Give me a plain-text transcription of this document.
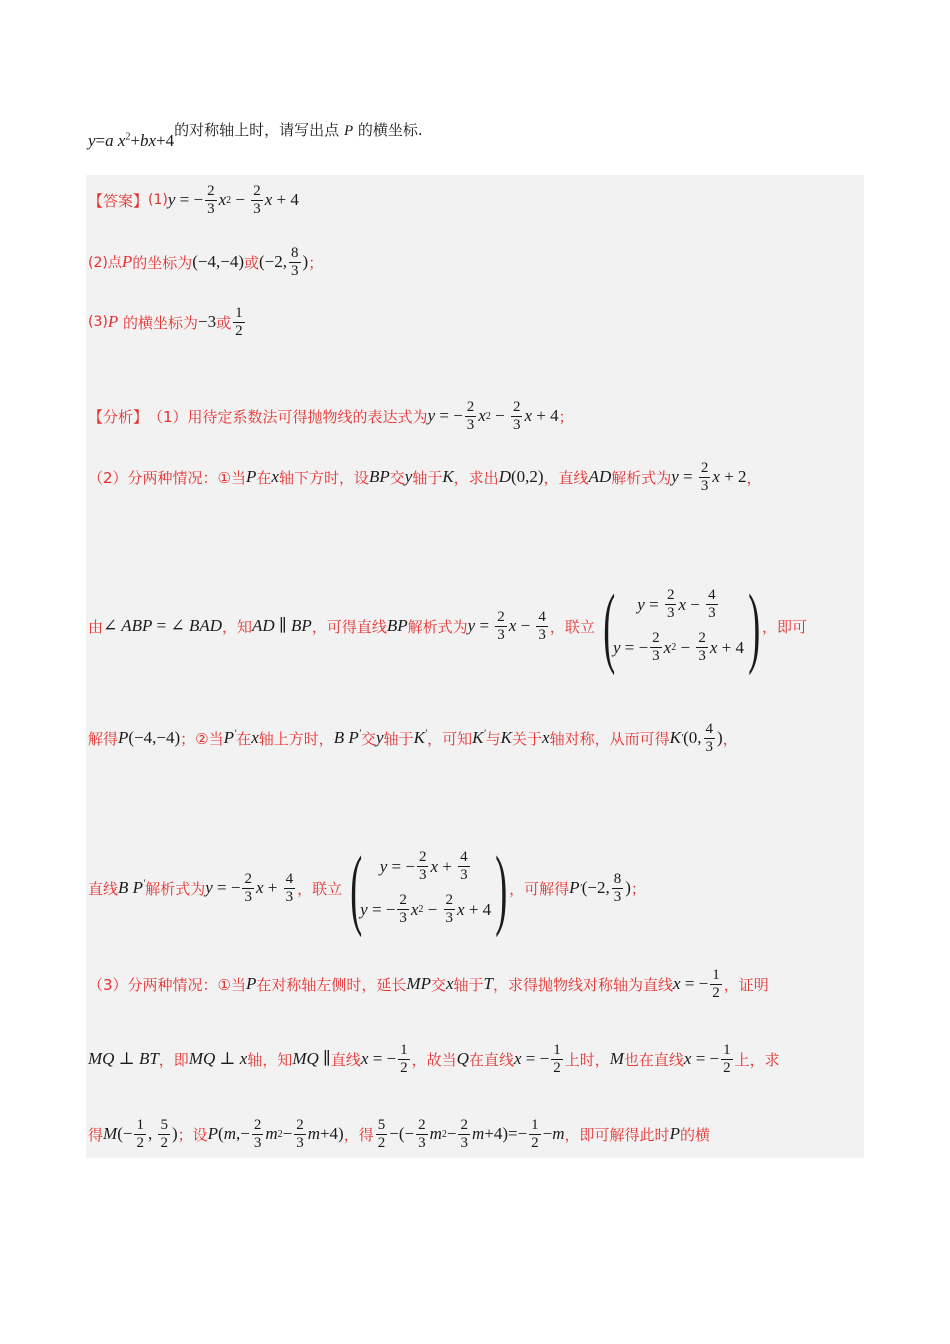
y=a $x^2+bx+4$
的对称轴上时，请写出点 P 的横坐标.
【答案】 (1) y = − $\frac{2}{3}$ x $2 - \frac{2}{3}$ x + 4
(2)点 P 的坐标为 (−4,−4) 或 (−2, $\frac{8}{3}$ ) ；
(3) P 的横坐标为 −3 或 $\frac{1}{2}$
【分析】 （1）用待定系数法可得抛物线的表达式为 y = − $\frac{2}{3}$ x $2 - \frac{2}{3}$ x + 4 ；
（2）分两种情况：①当 P 在 x 轴下方时，设 BP 交 y 轴于 K ，求出 D (0,2) ，直线 AD 解析式为 $y = \frac{2}{3}$ x + 2 ，
由 ∠ ABP = ∠ BAD ，知 AD ∥ BP ，可得直线 BP 解析式为 $y = \frac{2}{3}$ $x - \frac{4}{3}$ ，联立 (	$y = \frac{2}{3}$ $x - \frac{4}{3}$
y = − $\frac{2}{3}$ x $2 - \frac{2}{3}$ x + 4 ) ，即可
解得 P (−4,−4) ；②当 P′ 在 x 轴上方时， B P′ 交 y 轴于 K′ ，可知 K′ 与 K 关于 x 轴对称，从而可得 K ′ (0, $\frac{4}{3}$ ) ，
直线 B P′ 解析式为 y = − $\frac{2}{3}$ $x + \frac{4}{3}$ ，联立 (	y = − $\frac{2}{3}$ $x + \frac{4}{3}$
y = − $\frac{2}{3}$ x $2 - \frac{2}{3}$ x + 4 ) ，可解得 P ′ (−2, $\frac{8}{3}$ ) ；
（3）分两种情况：①当 P 在对称轴左侧时，延长 MP 交 x 轴于 T ，求得抛物线对称轴为直线 x = − $\frac{1}{2}$ ，证明
MQ ⊥ BT ，即 MQ ⊥ x 轴，知 MQ ∥ 直线 x = − $\frac{1}{2}$ ，故当 Q 在直线 x = − $\frac{1}{2}$ 上时， M 也在直线 x = − $\frac{1}{2}$ 上，求
得 M (− $\frac{1}{2}$ , $\frac{5}{2}$ ) ；设 P ( m ,− $\frac{2}{3}$ m $2 - \frac{2}{3}$ m +4) ，得 $\frac{5}{2}$ −(− $\frac{2}{3}$ m $2 - \frac{2}{3}$ $m +4)=- \frac{1}{2} - m$ ，即可解得此时 P 的横
